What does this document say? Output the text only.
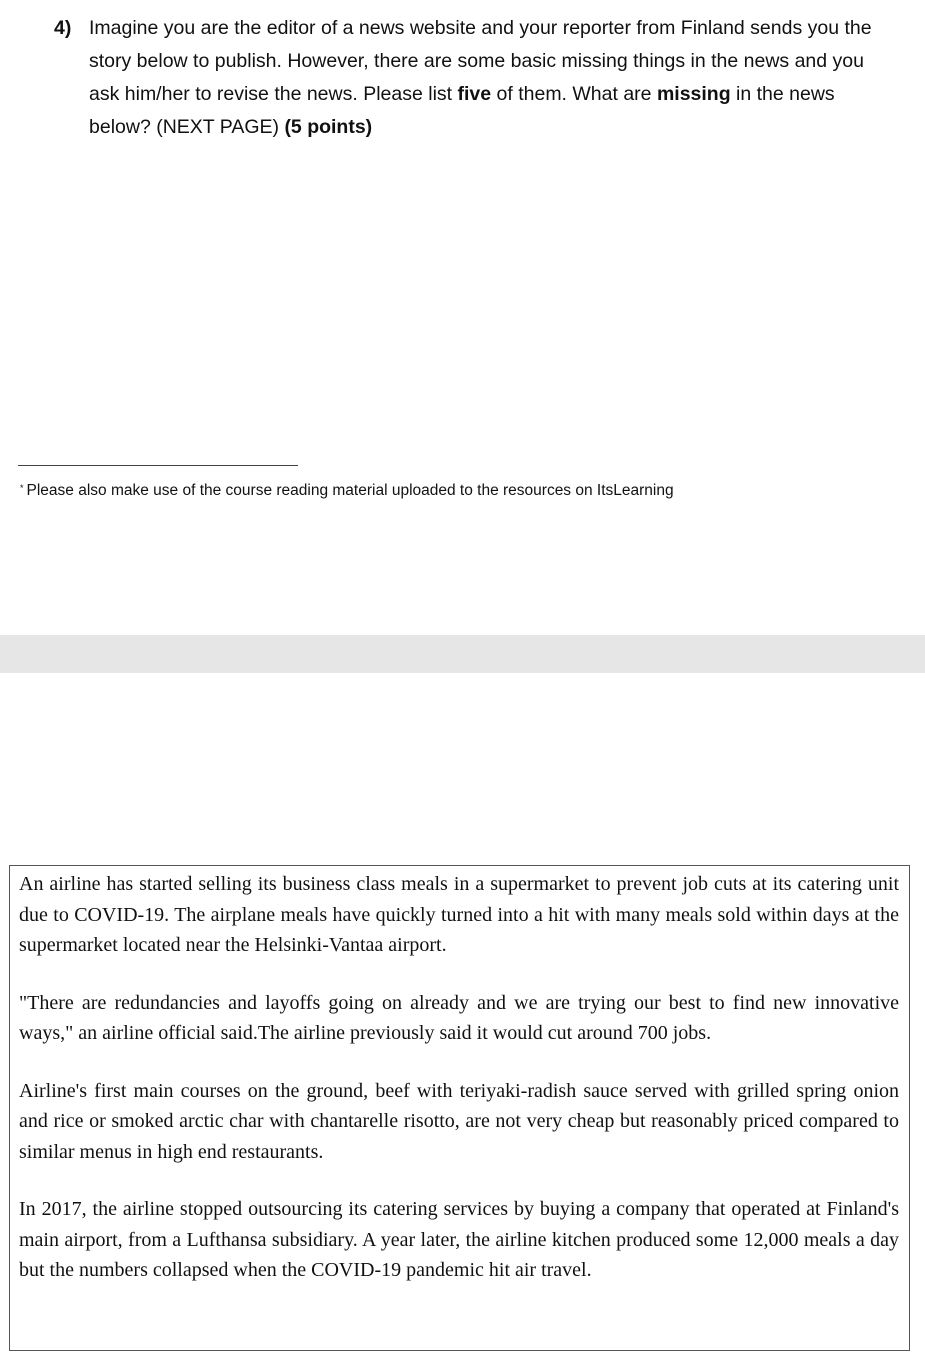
4) Imagine you are the editor of a news website and your reporter from Finland sends you the story below to publish. However, there are some basic missing things in the news and you ask him/her to revise the news. Please list five of them. What are missing in the news below? (NEXT PAGE) (5 points)
* Please also make use of the course reading material uploaded to the resources on ItsLearning

An airline has started selling its business class meals in a supermarket to prevent job cuts at its catering unit due to COVID-19. The airplane meals have quickly turned into a hit with many meals sold within days at the supermarket located near the Helsinki-Vantaa airport.

"There are redundancies and layoffs going on already and we are trying our best to find new innovative ways," an airline official said.The airline previously said it would cut around 700 jobs.

Airline's first main courses on the ground, beef with teriyaki-radish sauce served with grilled spring onion and rice or smoked arctic char with chantarelle risotto, are not very cheap but reasonably priced compared to similar menus in high end restaurants.

In 2017, the airline stopped outsourcing its catering services by buying a company that operated at Finland's main airport, from a Lufthansa subsidiary. A year later, the airline kitchen produced some 12,000 meals a day but the numbers collapsed when the COVID-19 pandemic hit air travel.
